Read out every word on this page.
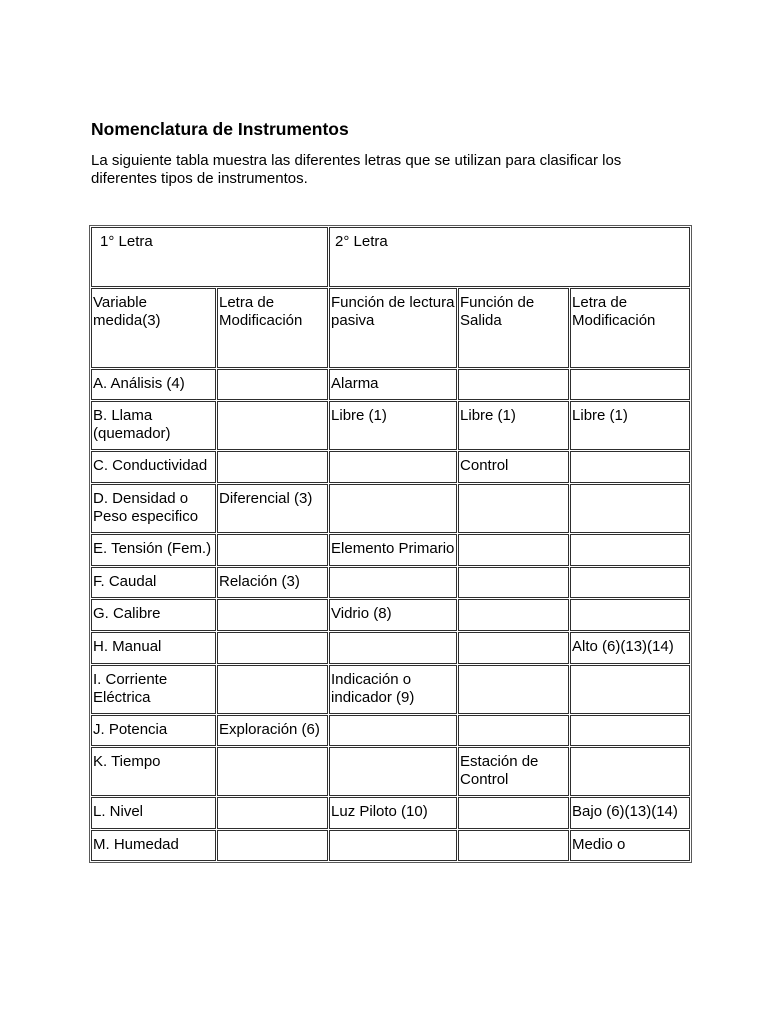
Nomenclatura de Instrumentos

La siguiente tabla muestra las diferentes letras que se utilizan para clasificar los diferentes tipos de instrumentos.

1° Letra		2° Letra		
Variable medida(3)	Letra de Modificación	Función de lectura pasiva	Función de Salida	Letra de Modificación
A. Análisis (4)		Alarma		
B. Llama (quemador)		Libre (1)	Libre (1)	Libre (1)
C. Conductividad			Control	
D. Densidad o Peso especifico	Diferencial (3)			
E. Tensión (Fem.)		Elemento Primario		
F. Caudal	Relación (3)			
G. Calibre		Vidrio (8)		
H. Manual				Alto (6)(13)(14)
I. Corriente Eléctrica		Indicación o indicador (9)		
J. Potencia	Exploración (6)			
K. Tiempo			Estación de Control	
L. Nivel		Luz Piloto (10)		Bajo (6)(13)(14)
M. Humedad				Medio o
